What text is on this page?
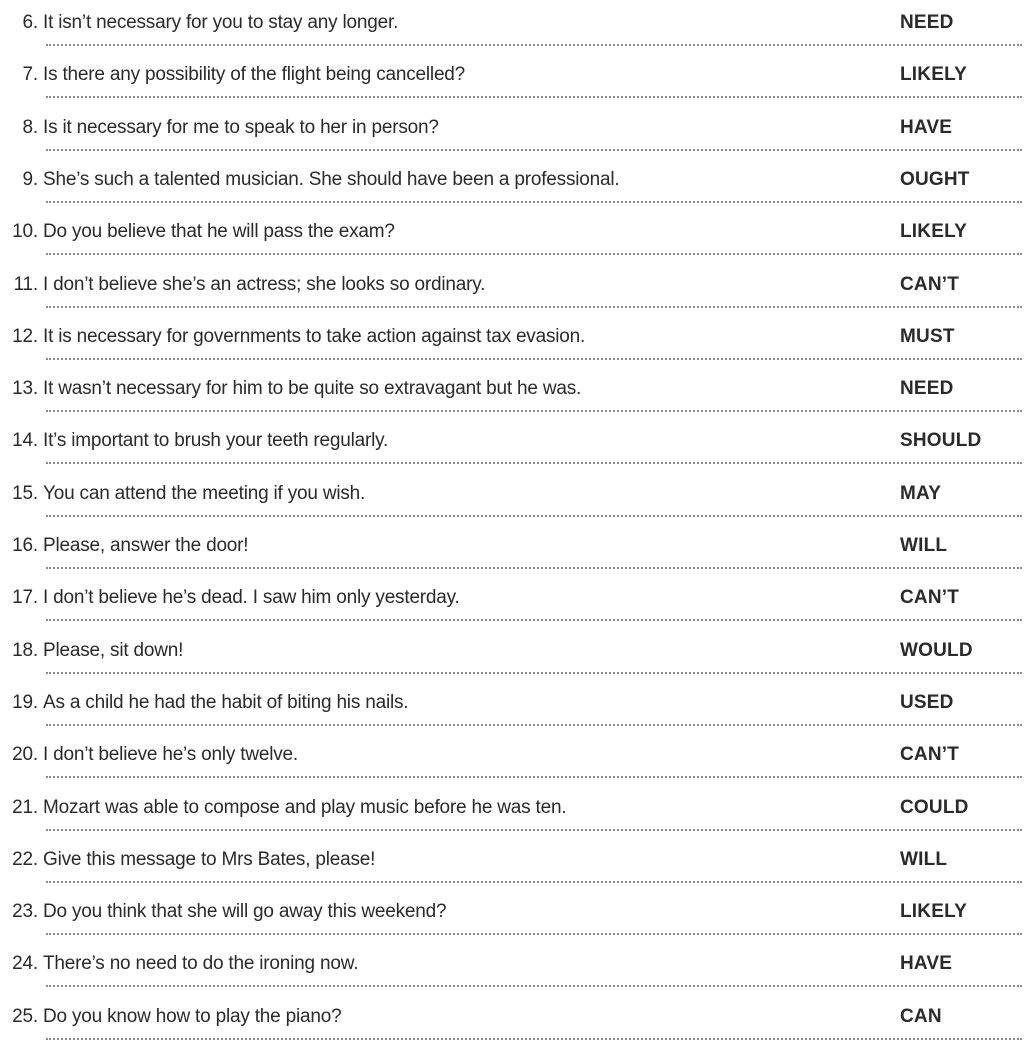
6. It isn’t necessary for you to stay any longer.	NEED
7. Is there any possibility of the flight being cancelled?	LIKELY
8. Is it necessary for me to speak to her in person?	HAVE
9. She’s such a talented musician. She should have been a professional.	OUGHT
10. Do you believe that he will pass the exam?	LIKELY
11. I don’t believe she’s an actress; she looks so ordinary.	CAN’T
12. It is necessary for governments to take action against tax evasion.	MUST
13. It wasn’t necessary for him to be quite so extravagant but he was.	NEED
14. It’s important to brush your teeth regularly.	SHOULD
15. You can attend the meeting if you wish.	MAY
16. Please, answer the door!	WILL
17. I don’t believe he’s dead. I saw him only yesterday.	CAN’T
18. Please, sit down!	WOULD
19. As a child he had the habit of biting his nails.	USED
20. I don’t believe he’s only twelve.	CAN’T
21. Mozart was able to compose and play music before he was ten.	COULD
22. Give this message to Mrs Bates, please!	WILL
23. Do you think that she will go away this weekend?	LIKELY
24. There’s no need to do the ironing now.	HAVE
25. Do you know how to play the piano?	CAN
